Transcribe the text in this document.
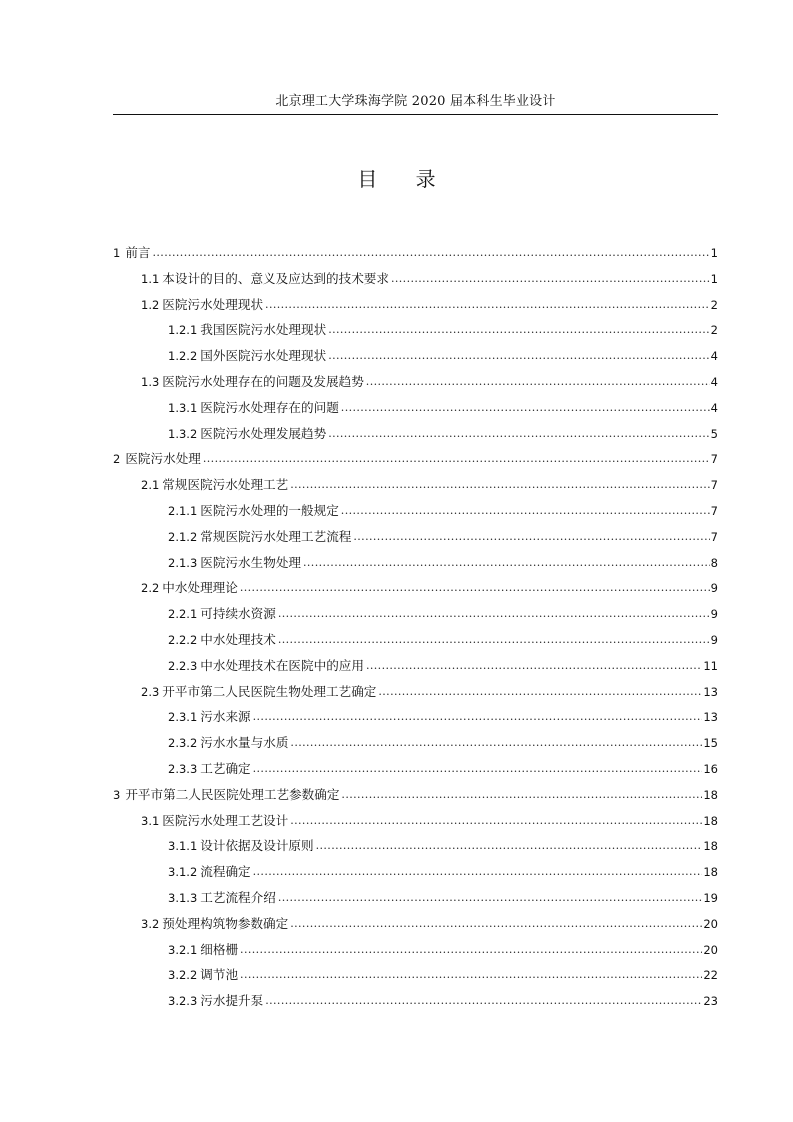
北京理工大学珠海学院 2020 届本科生毕业设计
目 录
1 前言 .....	1
1.1 本设计的目的、意义及应达到的技术要求 .....	1
1.2 医院污水处理现状 .....	2
1.2.1 我国医院污水处理现状 .....	2
1.2.2 国外医院污水处理现状 .....	4
1.3 医院污水处理存在的问题及发展趋势 .....	4
1.3.1 医院污水处理存在的问题 .....	4
1.3.2 医院污水处理发展趋势 .....	5
2 医院污水处理 .....	7
2.1 常规医院污水处理工艺 .....	7
2.1.1 医院污水处理的一般规定 .....	7
2.1.2 常规医院污水处理工艺流程 .....	7
2.1.3 医院污水生物处理 .....	8
2.2 中水处理理论 .....	9
2.2.1 可持续水资源 .....	9
2.2.2 中水处理技术 .....	9
2.2.3 中水处理技术在医院中的应用 .....	11
2.3 开平市第二人民医院生物处理工艺确定 .....	13
2.3.1 污水来源 .....	13
2.3.2 污水水量与水质 .....	15
2.3.3 工艺确定 .....	16
3 开平市第二人民医院处理工艺参数确定 .....	18
3.1 医院污水处理工艺设计 .....	18
3.1.1 设计依据及设计原则 .....	18
3.1.2 流程确定 .....	18
3.1.3 工艺流程介绍 .....	19
3.2 预处理构筑物参数确定 .....	20
3.2.1 细格栅 .....	20
3.2.2 调节池 .....	22
3.2.3 污水提升泵 .....	23
